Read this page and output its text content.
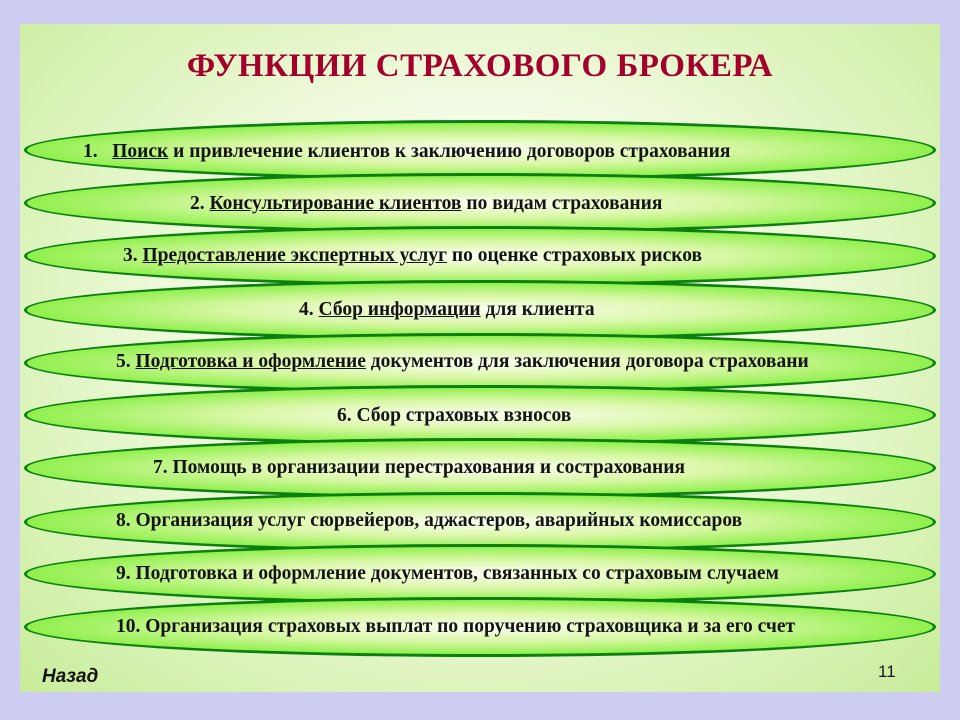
ФУНКЦИИ СТРАХОВОГО БРОКЕРА
1. Поиск и привлечение клиентов к заключению договоров страхования
2. Консультирование клиентов по видам страхования
3. Предоставление экспертных услуг по оценке страховых рисков
4. Сбор информации для клиента
5. Подготовка и оформление документов для заключения договора страховани
6. Сбор страховых взносов
7. Помощь в организации перестрахования и сострахования
8. Организация услуг сюрвейеров, аджастеров, аварийных комиссаров
9. Подготовка и оформление документов, связанных со страховым случаем
10. Организация страховых выплат по поручению страховщика и за его счет
Назад	11
